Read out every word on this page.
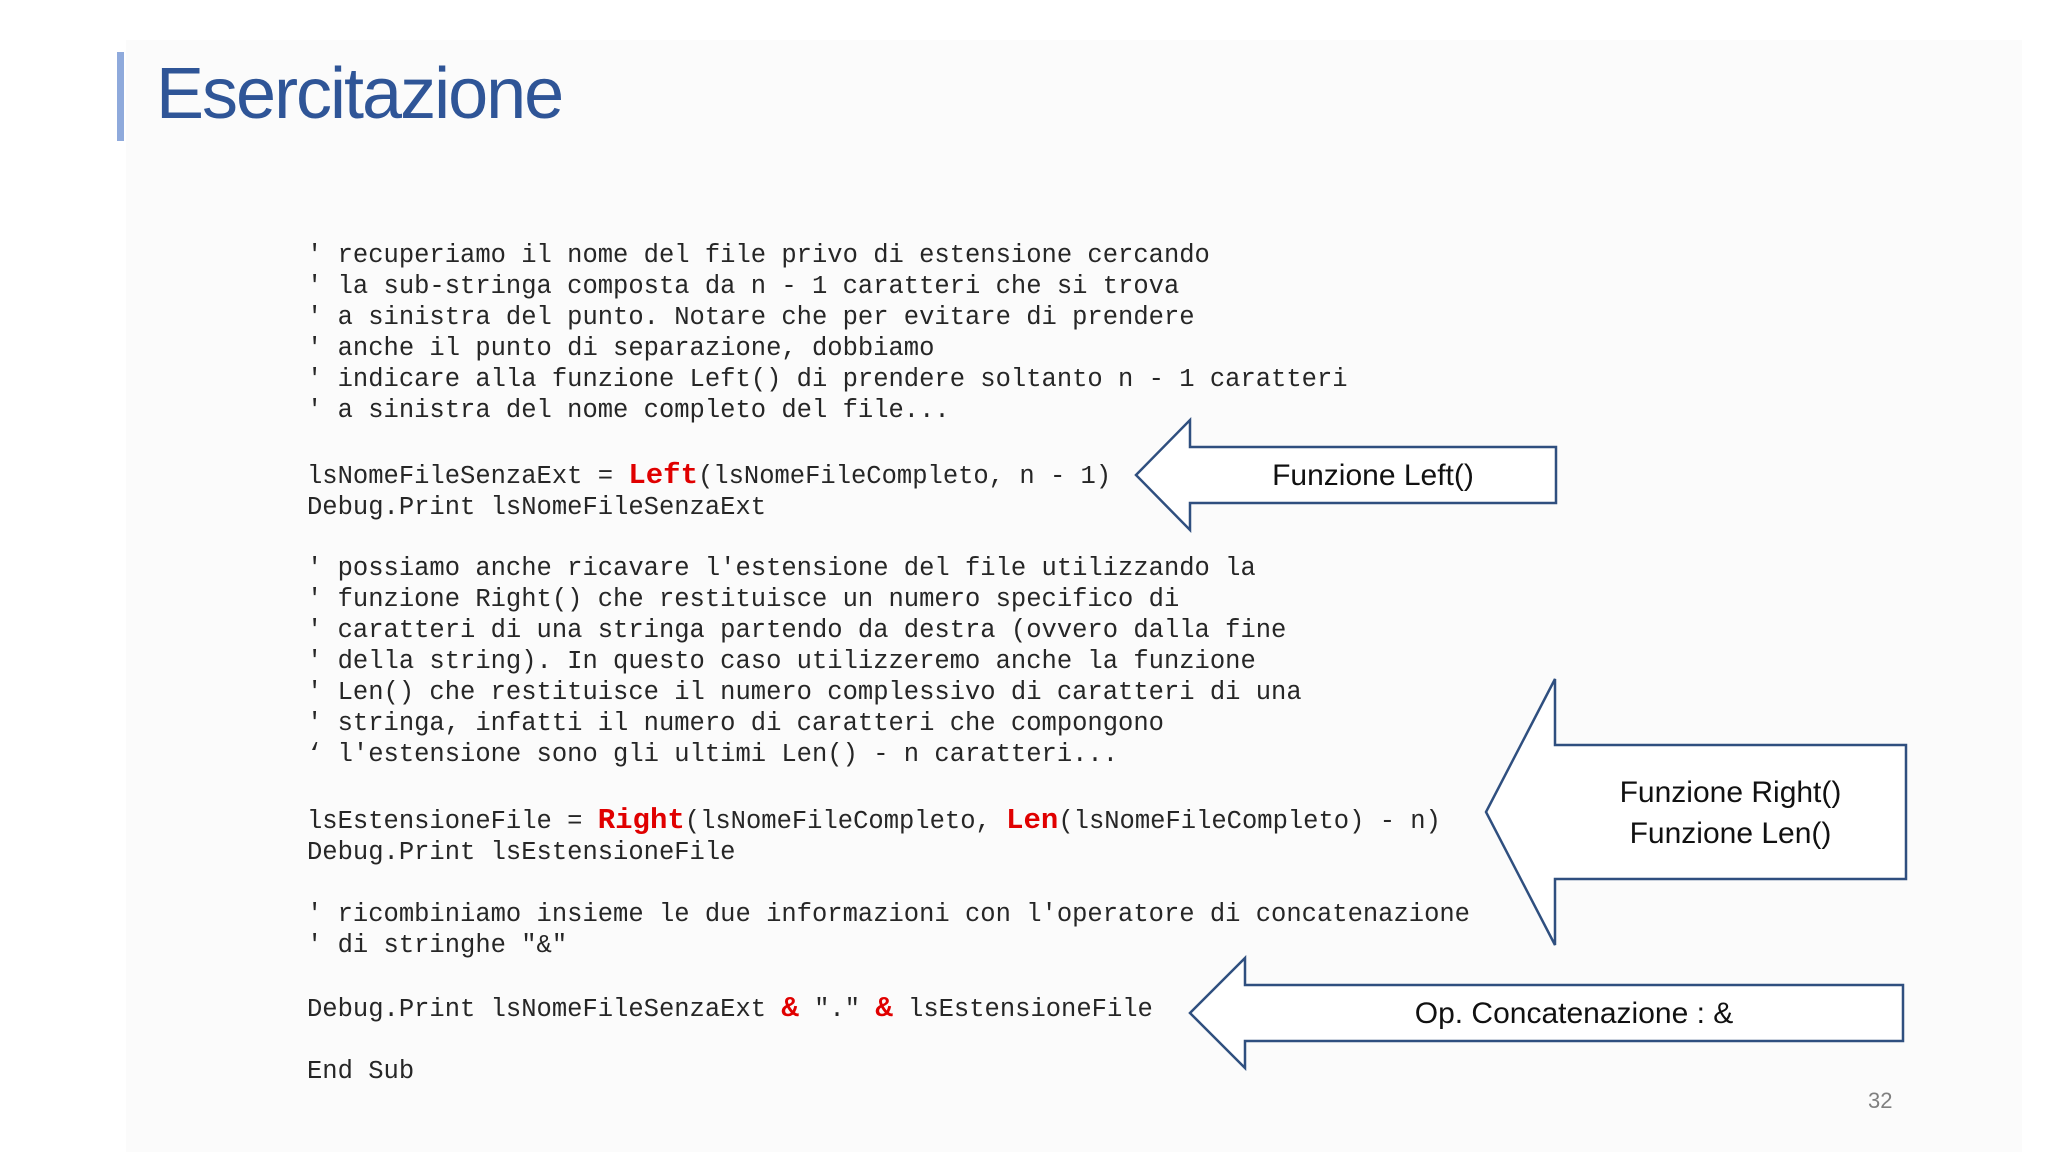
Esercitazione
' recuperiamo il nome del file privo di estensione cercando
' la sub-stringa composta da n - 1 caratteri che si trova
' a sinistra del punto. Notare che per evitare di prendere
' anche il punto di separazione, dobbiamo
' indicare alla funzione Left() di prendere soltanto n - 1 caratteri
' a sinistra del nome completo del file...
lsNomeFileSenzaExt = Left(lsNomeFileCompleto, n - 1)
Debug.Print lsNomeFileSenzaExt
' possiamo anche ricavare l'estensione del file utilizzando la
' funzione Right() che restituisce un numero specifico di
' caratteri di una stringa partendo da destra (ovvero dalla fine
' della string). In questo caso utilizzeremo anche la funzione
' Len() che restituisce il numero complessivo di caratteri di una
' stringa, infatti il numero di caratteri che compongono
‘ l'estensione sono gli ultimi Len() - n caratteri...
lsEstensioneFile = Right(lsNomeFileCompleto, Len(lsNomeFileCompleto) - n)
Debug.Print lsEstensioneFile
' ricombiniamo insieme le due informazioni con l'operatore di concatenazione
' di stringhe "&"
Debug.Print lsNomeFileSenzaExt & "." & lsEstensioneFile
End Sub
Funzione Left()
Funzione Right()
Funzione Len()
Op. Concatenazione : &
32
